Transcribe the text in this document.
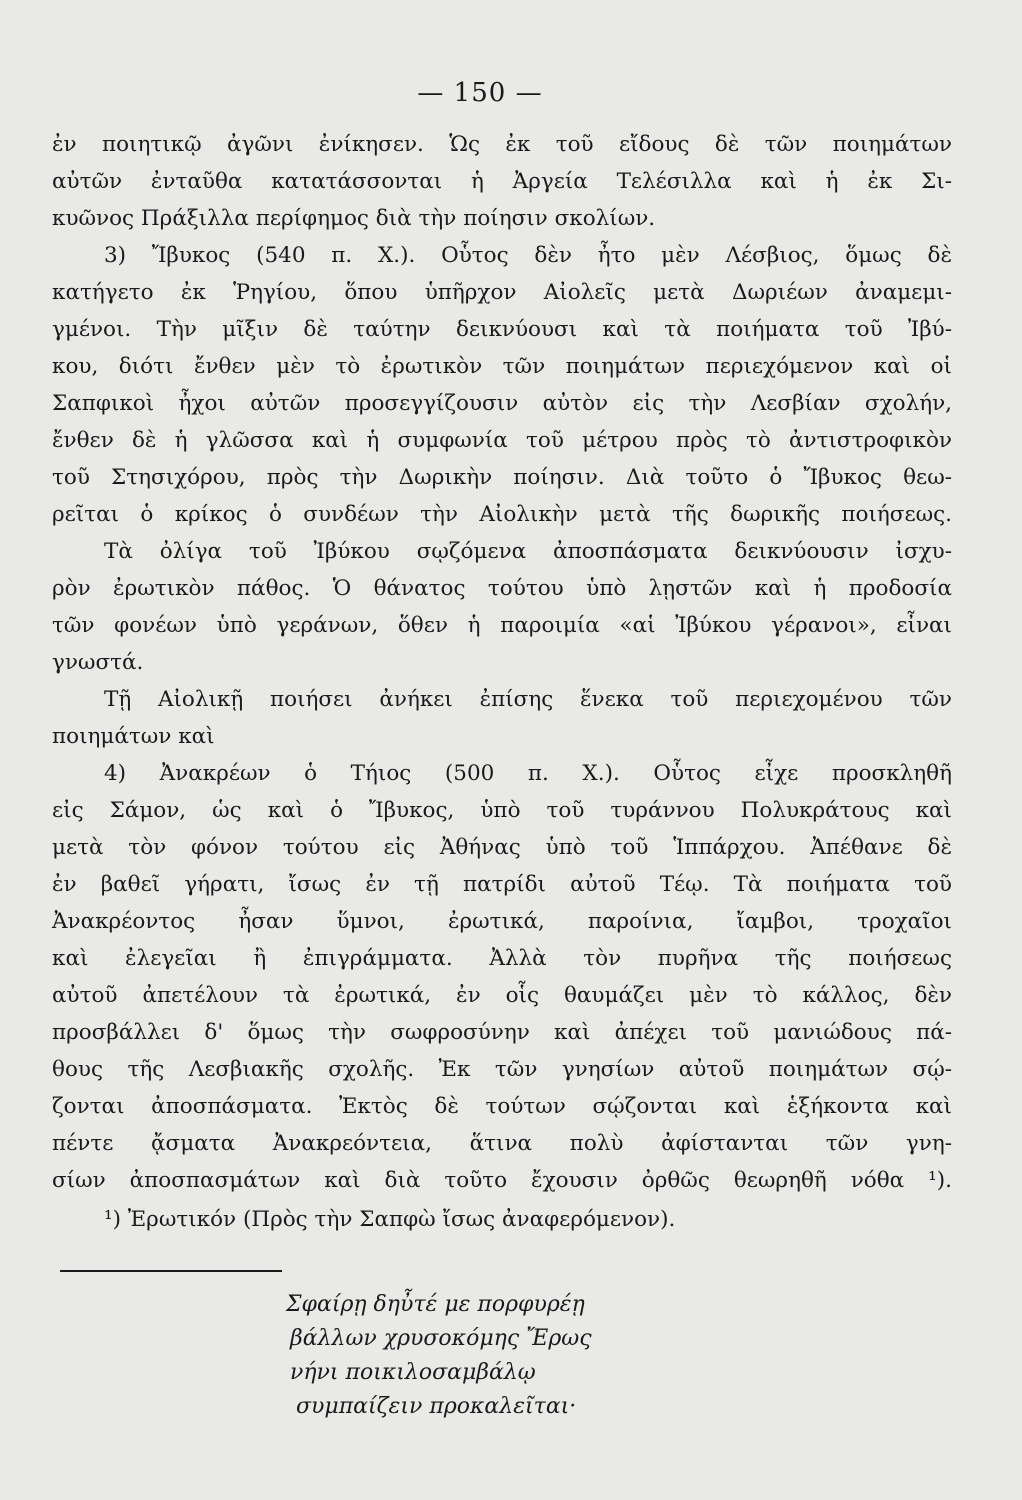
— 150 —
ἐν ποιητικῷ ἀγῶνι ἐνίκησεν. Ὡς ἐκ τοῦ εἴδους δὲ τῶν ποιημάτων
αὐτῶν ἐνταῦθα κατατάσσονται ἡ Ἀργεία Τελέσιλλα καὶ ἡ ἐκ Σι-
κυῶνος Πράξιλλα περίφημος διὰ τὴν ποίησιν σκολίων.
3) Ἴβυκος (540 π. Χ.). Οὗτος δὲν ἦτο μὲν Λέσβιος, ὅμως δὲ
κατήγετο ἐκ Ῥηγίου, ὅπου ὑπῆρχον Αἰολεῖς μετὰ Δωριέων ἀναμεμι-
γμένοι. Τὴν μῖξιν δὲ ταύτην δεικνύουσι καὶ τὰ ποιήματα τοῦ Ἰβύ-
κου, διότι ἔνθεν μὲν τὸ ἐρωτικὸν τῶν ποιημάτων περιεχόμενον καὶ οἱ
Σαπφικοὶ ἦχοι αὐτῶν προσεγγίζουσιν αὐτὸν εἰς τὴν Λεσβίαν σχολήν,
ἔνθεν δὲ ἡ γλῶσσα καὶ ἡ συμφωνία τοῦ μέτρου πρὸς τὸ ἀντιστροφικὸν
τοῦ Στησιχόρου, πρὸς τὴν Δωρικὴν ποίησιν. Διὰ τοῦτο ὁ Ἴβυκος θεω-
ρεῖται ὁ κρίκος ὁ συνδέων τὴν Αἰολικὴν μετὰ τῆς δωρικῆς ποιήσεως.
Τὰ ὀλίγα τοῦ Ἰβύκου σῳζόμενα ἀποσπάσματα δεικνύουσιν ἰσχυ-
ρὸν ἐρωτικὸν πάθος. Ὁ θάνατος τούτου ὑπὸ λῃστῶν καὶ ἡ προδοσία
τῶν φονέων ὑπὸ γεράνων, ὅθεν ἡ παροιμία «αἱ Ἰβύκου γέρανοι», εἶναι
γνωστά.
Τῇ Αἰολικῇ ποιήσει ἀνήκει ἐπίσης ἕνεκα τοῦ περιεχομένου τῶν
ποιημάτων καὶ
4) Ἀνακρέων ὁ Τήιος (500 π. Χ.). Οὗτος εἶχε προσκληθῆ
εἰς Σάμον, ὡς καὶ ὁ Ἴβυκος, ὑπὸ τοῦ τυράννου Πολυκράτους καὶ
μετὰ τὸν φόνον τούτου εἰς Ἀθήνας ὑπὸ τοῦ Ἱππάρχου. Ἀπέθανε δὲ
ἐν βαθεῖ γήρατι, ἴσως ἐν τῇ πατρίδι αὐτοῦ Τέῳ. Τὰ ποιήματα τοῦ
Ἀνακρέοντος ἦσαν ὕμνοι, ἐρωτικά, παροίνια, ἴαμβοι, τροχαῖοι
καὶ ἐλεγεῖαι ἢ ἐπιγράμματα. Ἀλλὰ τὸν πυρῆνα τῆς ποιήσεως
αὐτοῦ ἀπετέλουν τὰ ἐρωτικά, ἐν οἷς θαυμάζει μὲν τὸ κάλλος, δὲν
προσβάλλει δ' ὅμως τὴν σωφροσύνην καὶ ἀπέχει τοῦ μανιώδους πά-
θους τῆς Λεσβιακῆς σχολῆς. Ἐκ τῶν γνησίων αὐτοῦ ποιημάτων σῴ-
ζονται ἀποσπάσματα. Ἐκτὸς δὲ τούτων σῴζονται καὶ ἑξήκοντα καὶ
πέντε ᾄσματα Ἀνακρεόντεια, ἅτινα πολὺ ἀφίστανται τῶν γνη-
σίων ἀποσπασμάτων καὶ διὰ τοῦτο ἔχουσιν ὀρθῶς θεωρηθῆ νόθα ¹).
¹) Ἐρωτικόν (Πρὸς τὴν Σαπφὼ ἴσως ἀναφερόμενον).
Σφαίρῃ δηὖτέ με πορφυρέῃ
βάλλων χρυσοκόμης Ἔρως
νήνι ποικιλοσαμβάλῳ
συμπαίζειν προκαλεῖται·
